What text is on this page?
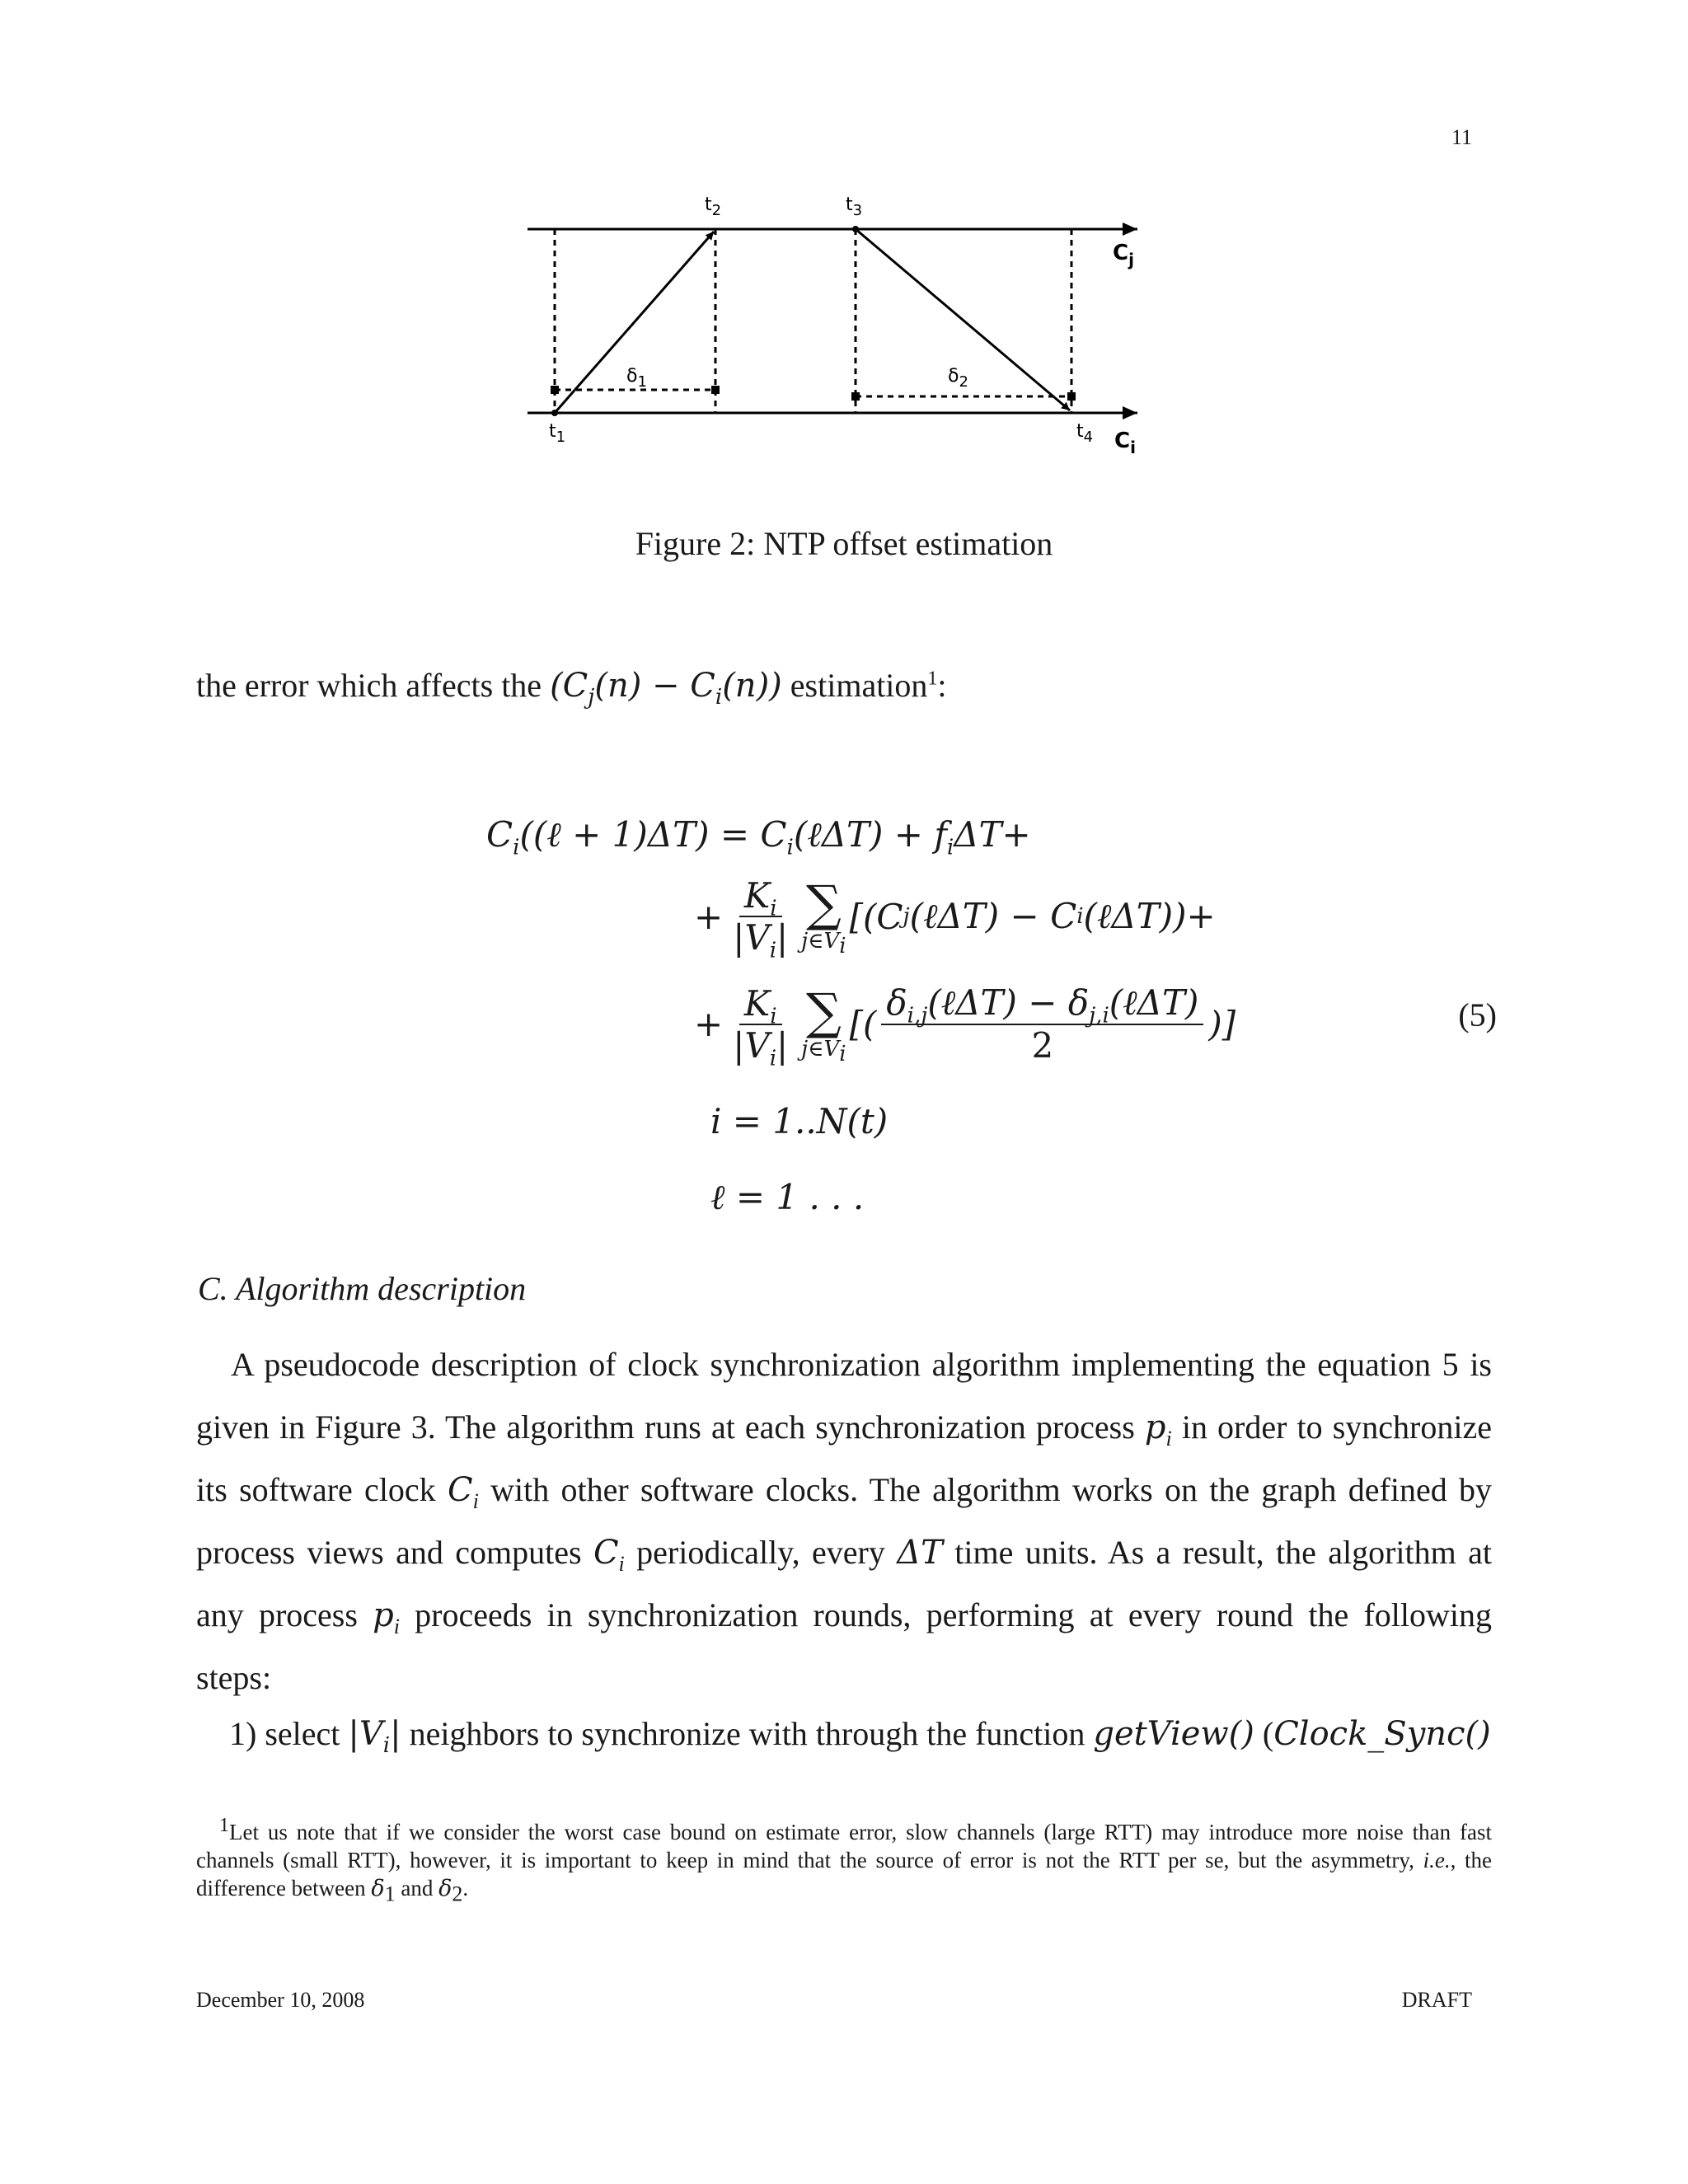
11
$t_2$	$t_3$
$t_1$	$t_4$
$\delta_1$	$\delta_2$
$C_j$
$C_i$
Figure 2: NTP offset estimation
the error which affects the $(C_j(n) - C_i(n))$ estimation$^1$:
$C_i((\ell + 1)\Delta T)$ = $C_i(\ell\Delta T) + f_i\Delta T+$
+ $\frac{K_i}{|V_i|}$ ∑
$j\in V_i$
[(C j (ℓΔT) − C i (ℓΔT))+
+ $\frac{K_i}{|V_i|}$ ∑
$j\in V_i$
[( $\frac{\delta_{i,j}(\ell\Delta T) - \delta_{j,i}(\ell\Delta T)}{2}$ )]	(5)
i = 1..N(t)
ℓ = 1 . . .
C. Algorithm description
A pseudocode description of clock synchronization algorithm implementing the equation 5 is given in Figure 3. The algorithm runs at each synchronization process $p_i$ in order to synchronize its software clock $C_i$ with other software clocks. The algorithm works on the graph defined by process views and computes $C_i$ periodically, every ΔT time units. As a result, the algorithm at any process $p_i$ proceeds in synchronization rounds, performing at every round the following steps:
1) select $|V_i|$ neighbors to synchronize with through the function getView() (Clock_Sync()
$^1$Let us note that if we consider the worst case bound on estimate error, slow channels (large RTT) may introduce more noise than fast channels (small RTT), however, it is important to keep in mind that the source of error is not the RTT per se, but the asymmetry, i.e., the difference between $\delta_1$ and $\delta_2$.
December 10, 2008	DRAFT
